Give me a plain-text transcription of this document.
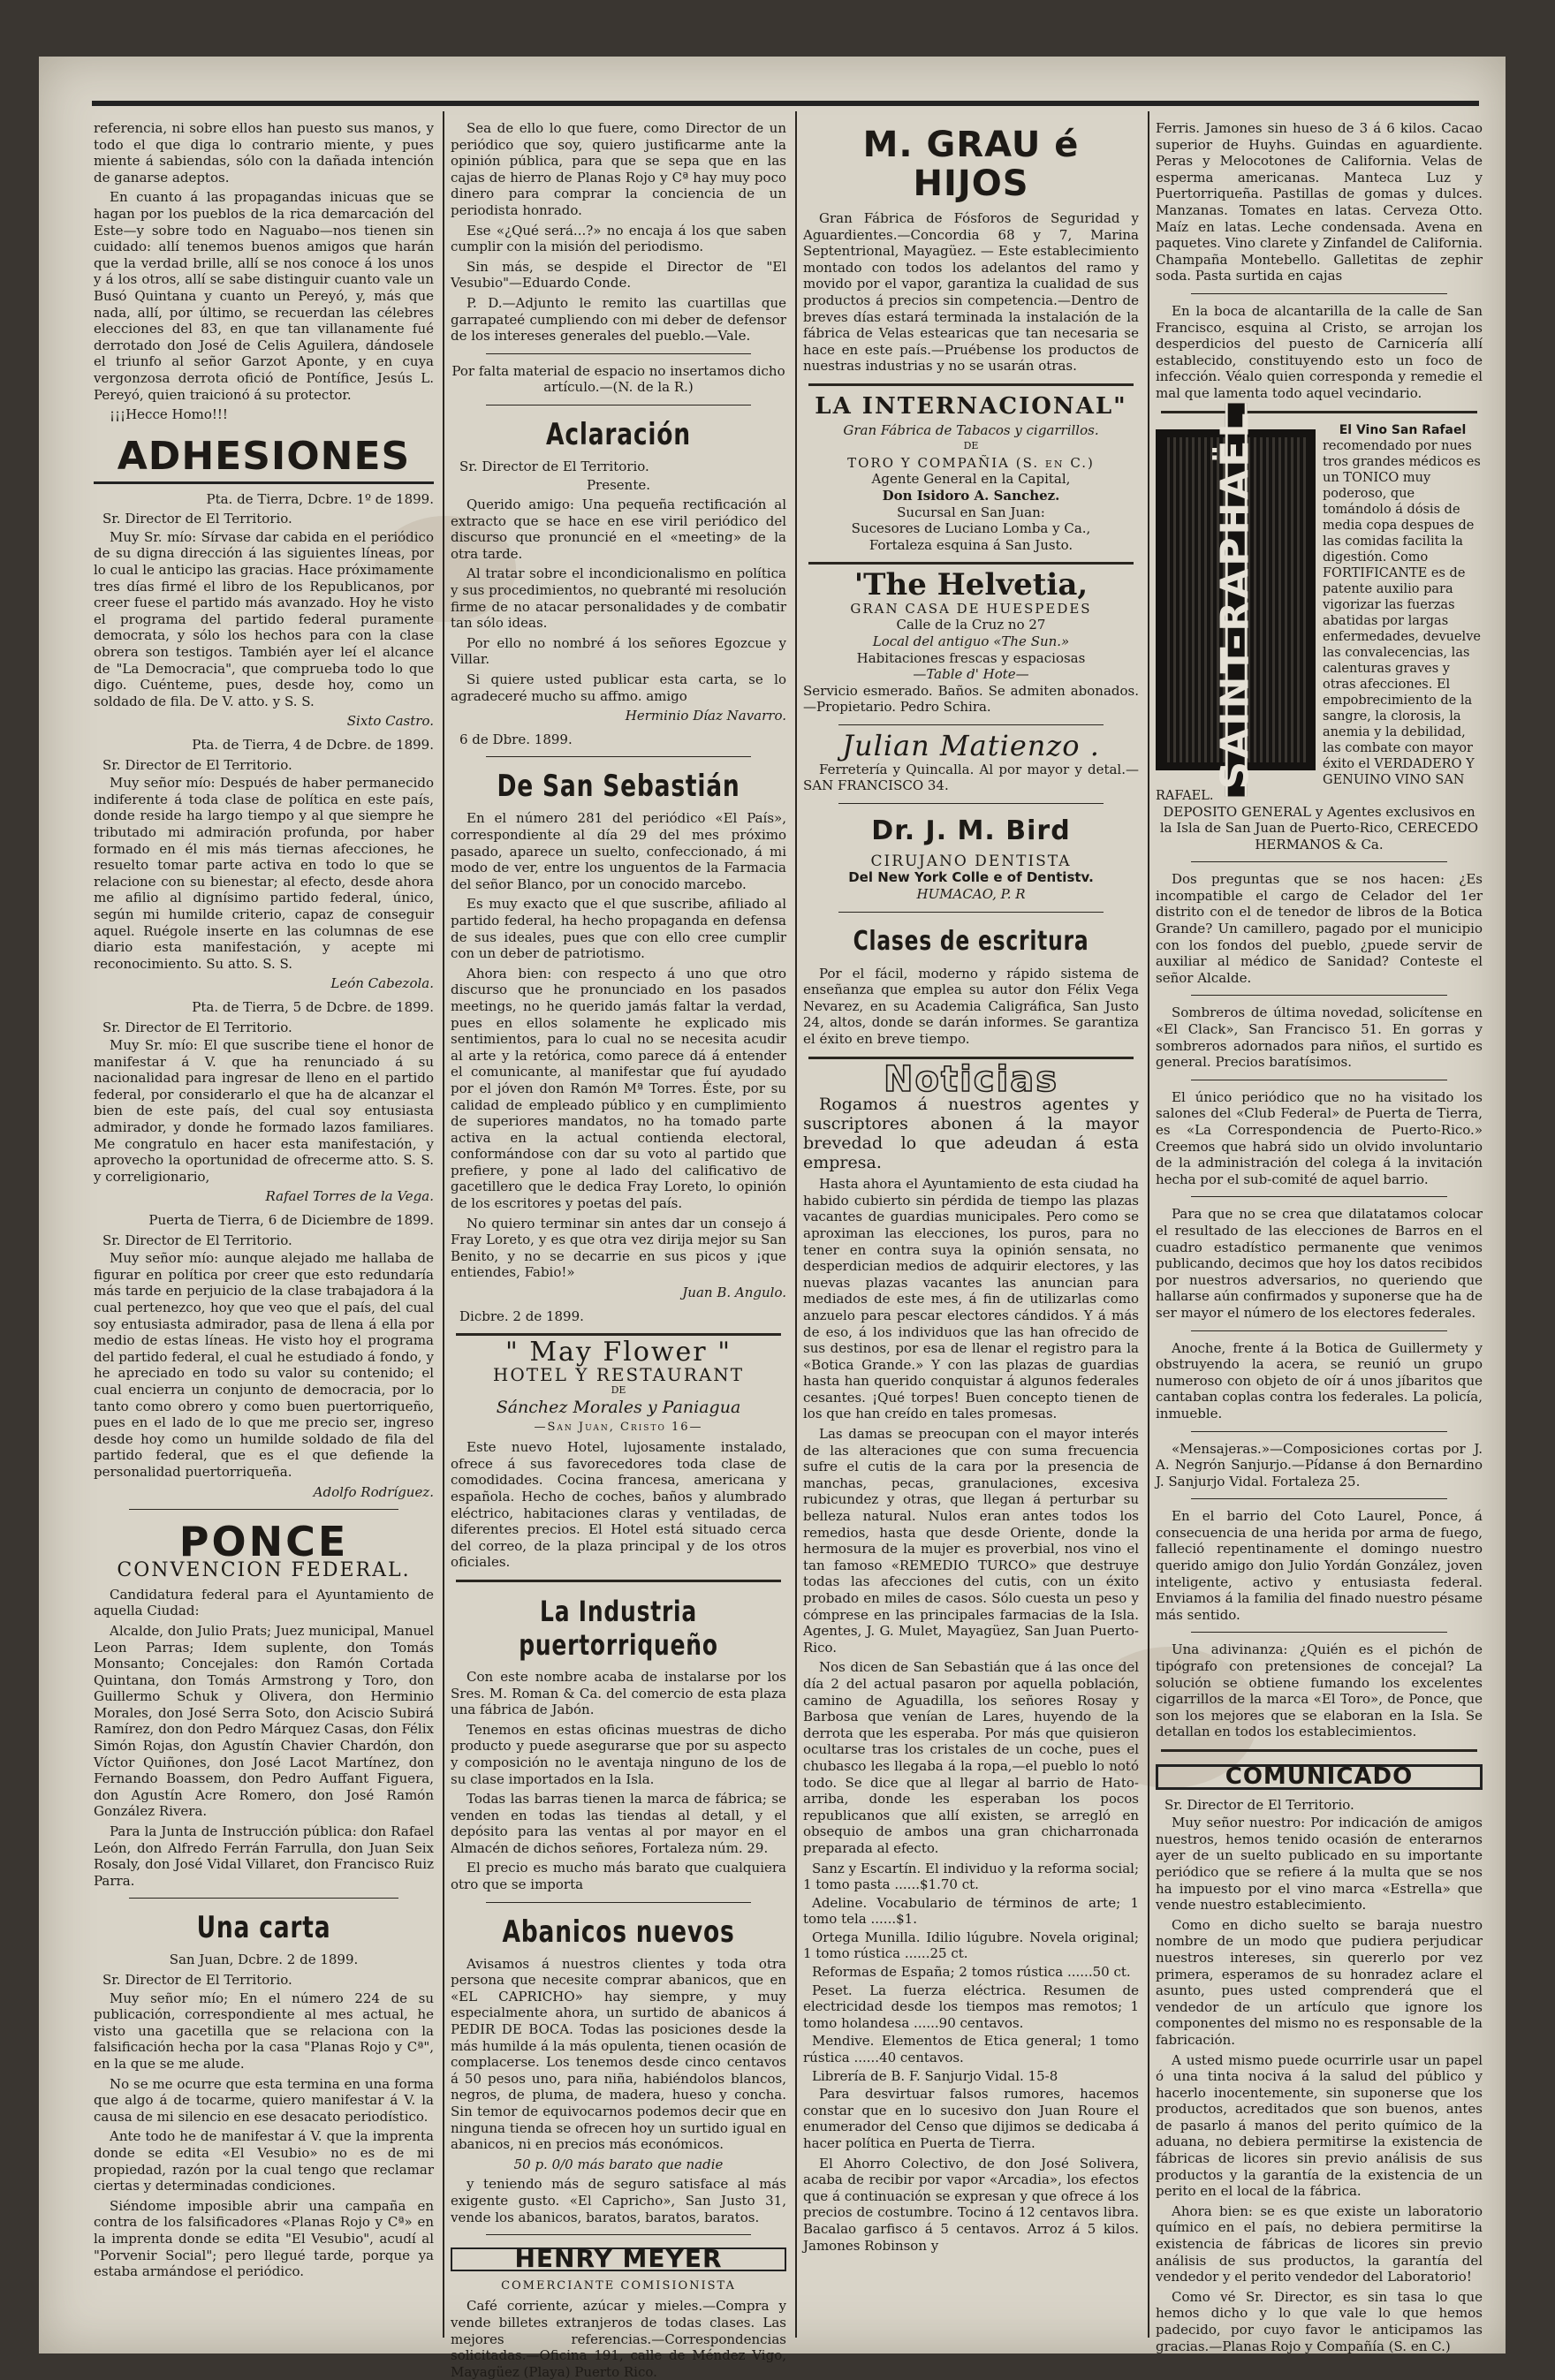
referencia, ni sobre ellos han puesto sus manos, y todo el que diga lo contrario miente, y pues miente á sabiendas, sólo con la dañada intención de ganarse adeptos.

En cuanto á las propagandas inicuas que se hagan por los pueblos de la rica demarcación del Este—y sobre todo en Naguabo—nos tienen sin cuidado: allí tenemos buenos amigos que harán que la verdad brille, allí se nos conoce á los unos y á los otros, allí se sabe distinguir cuanto vale un Busó Quintana y cuanto un Pereyó, y, más que nada, allí, por último, se recuerdan las célebres elecciones del 83, en que tan villanamente fué derrotado don José de Celis Aguilera, dándosele el triunfo al señor Garzot Aponte, y en cuya vergonzosa derrota ofició de Pontífice, Jesús L. Pereyó, quien traicionó á su protector.

¡¡¡Hecce Homo!!!

ADHESIONES

Pta. de Tierra, Dcbre. 1º de 1899.

Sr. Director de El Territorio.

Muy Sr. mío: Sírvase dar cabida en el periódico de su digna dirección á las siguientes líneas, por lo cual le anticipo las gracias. Hace próximamente tres días firmé el libro de los Republicanos, por creer fuese el partido más avanzado. Hoy he visto el programa del partido federal puramente democrata, y sólo los hechos para con la clase obrera son testigos. También ayer leí el alcance de "La Democracia", que comprueba todo lo que digo. Cuénteme, pues, desde hoy, como un soldado de fila. De V. atto. y S. S.

Sixto Castro.

Pta. de Tierra, 4 de Dcbre. de 1899.

Sr. Director de El Territorio.

Muy señor mío: Después de haber permanecido indiferente á toda clase de política en este país, donde reside ha largo tiempo y al que siempre he tributado mi admiración profunda, por haber formado en él mis más tiernas afecciones, he resuelto tomar parte activa en todo lo que se relacione con su bienestar; al efecto, desde ahora me afilio al dignísimo partido federal, único, según mi humilde criterio, capaz de conseguir aquel. Ruégole inserte en las columnas de ese diario esta manifestación, y acepte mi reconocimiento. Su atto. S. S.

León Cabezola.

Pta. de Tierra, 5 de Dcbre. de 1899.

Sr. Director de El Territorio.

Muy Sr. mío: El que suscribe tiene el honor de manifestar á V. que ha renunciado á su nacionalidad para ingresar de lleno en el partido federal, por considerarlo el que ha de alcanzar el bien de este país, del cual soy entusiasta admirador, y donde he formado lazos familiares. Me congratulo en hacer esta manifestación, y aprovecho la oportunidad de ofrecerme atto. S. S. y correligionario,

Rafael Torres de la Vega.

Puerta de Tierra, 6 de Diciembre de 1899.

Sr. Director de El Territorio.

Muy señor mío: aunque alejado me hallaba de figurar en política por creer que esto redundaría más tarde en perjuicio de la clase trabajadora á la cual pertenezco, hoy que veo que el país, del cual soy entusiasta admirador, pasa de llena á ella por medio de estas líneas. He visto hoy el programa del partido federal, el cual he estudiado á fondo, y he apreciado en todo su valor su contenido; el cual encierra un conjunto de democracia, por lo tanto como obrero y como buen puertorriqueño, pues en el lado de lo que me precio ser, ingreso desde hoy como un humilde soldado de fila del partido federal, que es el que defiende la personalidad puertorriqueña.

Adolfo Rodríguez.

PONCE
CONVENCION FEDERAL.

Candidatura federal para el Ayuntamiento de aquella Ciudad:

Alcalde, don Julio Prats; Juez municipal, Manuel Leon Parras; Idem suplente, don Tomás Monsanto; Concejales: don Ramón Cortada Quintana, don Tomás Armstrong y Toro, don Guillermo Schuk y Olivera, don Herminio Morales, don José Serra Soto, don Aciscio Subirá Ramírez, don don Pedro Márquez Casas, don Félix Simón Rojas, don Agustín Chavier Chardón, don Víctor Quiñones, don José Lacot Martínez, don Fernando Boassem, don Pedro Auffant Figuera, don Agustín Acre Romero, don José Ramón González Rivera.

Para la Junta de Instrucción pública: don Rafael León, don Alfredo Ferrán Farrulla, don Juan Seix Rosaly, don José Vidal Villaret, don Francisco Ruiz Parra.

Una carta

San Juan, Dcbre. 2 de 1899.

Sr. Director de El Territorio.

Muy señor mío; En el número 224 de su publicación, correspondiente al mes actual, he visto una gacetilla que se relaciona con la falsificación hecha por la casa "Planas Rojo y Cª", en la que se me alude.

No se me ocurre que esta termina en una forma que algo á de tocarme, quiero manifestar á V. la causa de mi silencio en ese desacato periodístico.

Ante todo he de manifestar á V. que la imprenta donde se edita «El Vesubio» no es de mi propiedad, razón por la cual tengo que reclamar ciertas y determinadas condiciones.

Siéndome imposible abrir una campaña en contra de los falsificadores «Planas Rojo y Cª» en la imprenta donde se edita "El Vesubio", acudí al "Porvenir Social"; pero llegué tarde, porque ya estaba armándose el periódico.

Sea de ello lo que fuere, como Director de un periódico que soy, quiero justificarme ante la opinión pública, para que se sepa que en las cajas de hierro de Planas Rojo y Cª hay muy poco dinero para comprar la conciencia de un periodista honrado.

Ese «¿Qué será...?» no encaja á los que saben cumplir con la misión del periodismo.

Sin más, se despide el Director de "El Vesubio"—Eduardo Conde.

P. D.—Adjunto le remito las cuartillas que garrapateé cumpliendo con mi deber de defensor de los intereses generales del pueblo.—Vale.

Por falta material de espacio no insertamos dicho artículo.—(N. de la R.)

Aclaración

Sr. Director de El Territorio.

Presente.

Querido amigo: Una pequeña rectificación al extracto que se hace en ese viril periódico del discurso que pronuncié en el «meeting» de la otra tarde.

Al tratar sobre el incondicionalismo en política y sus procedimientos, no quebranté mi resolución firme de no atacar personalidades y de combatir tan sólo ideas.

Por ello no nombré á los señores Egozcue y Villar.

Si quiere usted publicar esta carta, se lo agradeceré mucho su affmo. amigo

Herminio Díaz Navarro.

6 de Dbre. 1899.

De San Sebastián

En el número 281 del periódico «El País», correspondiente al día 29 del mes próximo pasado, aparece un suelto, confeccionado, á mi modo de ver, entre los unguentos de la Farmacia del señor Blanco, por un conocido marcebo.

Es muy exacto que el que suscribe, afiliado al partido federal, ha hecho propaganda en defensa de sus ideales, pues que con ello cree cumplir con un deber de patriotismo.

Ahora bien: con respecto á uno que otro discurso que he pronunciado en los pasados meetings, no he querido jamás faltar la verdad, pues en ellos solamente he explicado mis sentimientos, para lo cual no se necesita acudir al arte y la retórica, como parece dá á entender el comunicante, al manifestar que fuí ayudado por el jóven don Ramón Mª Torres. Éste, por su calidad de empleado público y en cumplimiento de superiores mandatos, no ha tomado parte activa en la actual contienda electoral, conformándose con dar su voto al partido que prefiere, y pone al lado del calificativo de gacetillero que le dedica Fray Loreto, lo opinión de los escritores y poetas del país.

No quiero terminar sin antes dar un consejo á Fray Loreto, y es que otra vez dirija mejor su San Benito, y no se decarrie en sus picos y ¡que entiendes, Fabio!»

Juan B. Angulo.

Dicbre. 2 de 1899.

" May Flower "
HOTEL Y RESTAURANT
DE
Sánchez Morales y Paniagua
—San Juan, Cristo 16—

Este nuevo Hotel, lujosamente instalado, ofrece á sus favorecedores toda clase de comodidades. Cocina francesa, americana y española. Hecho de coches, baños y alumbrado eléctrico, habitaciones claras y ventiladas, de diferentes precios. El Hotel está situado cerca del correo, de la plaza principal y de los otros oficiales.

La Industria puertorriqueño

Con este nombre acaba de instalarse por los Sres. M. Roman & Ca. del comercio de esta plaza una fábrica de Jabón.

Tenemos en estas oficinas muestras de dicho producto y puede asegurarse que por su aspecto y composición no le aventaja ninguno de los de su clase importados en la Isla.

Todas las barras tienen la marca de fábrica; se venden en todas las tiendas al detall, y el depósito para las ventas al por mayor en el Almacén de dichos señores, Fortaleza núm. 29.

El precio es mucho más barato que cualquiera otro que se importa

Abanicos nuevos

Avisamos á nuestros clientes y toda otra persona que necesite comprar abanicos, que en «EL CAPRICHO» hay siempre, y muy especialmente ahora, un surtido de abanicos á PEDIR DE BOCA. Todas las posiciones desde la más humilde á la más opulenta, tienen ocasión de complacerse. Los tenemos desde cinco centavos á 50 pesos uno, para niña, habiéndolos blancos, negros, de pluma, de madera, hueso y concha. Sin temor de equivocarnos podemos decir que en ninguna tienda se ofrecen hoy un surtido igual en abanicos, ni en precios más económicos.

50 p. 0/0 más barato que nadie

y teniendo más de seguro satisface al más exigente gusto. «El Capricho», San Justo 31, vende los abanicos, baratos, baratos, baratos.

HENRY MEYER

COMERCIANTE COMISIONISTA

Café corriente, azúcar y mieles.—Compra y vende billetes extranjeros de todas clases. Las mejores referencias.—Correspondencias solicitadas.—Oficina 191, calle de Méndez Vigo, Mayagüez (Playa) Puerto Rico.

M. GRAU é HIJOS

Gran Fábrica de Fósforos de Seguridad y Aguardientes.—Concordia 68 y 7, Marina Septentrional, Mayagüez. — Este establecimiento montado con todos los adelantos del ramo y movido por el vapor, garantiza la cualidad de sus productos á precios sin competencia.—Dentro de breves días estará terminada la instalación de la fábrica de Velas estearicas que tan necesaria se hace en este país.—Pruébense los productos de nuestras industrias y no se usarán otras.

LA INTERNACIONAL"
Gran Fábrica de Tabacos y cigarrillos.
DE
TORO Y COMPAÑIA (S. en C.)
Agente General en la Capital,
Don Isidoro A. Sanchez.
Sucursal en San Juan:
Sucesores de Luciano Lomba y Ca.,
Fortaleza esquina á San Justo.
'The Helvetia,
GRAN CASA DE HUESPEDES
Calle de la Cruz no 27
Local del antiguo «The Sun.»
Habitaciones frescas y espaciosas
—Table d' Hote—
Servicio esmerado. Baños. Se admiten abonados.—Propietario. Pedro Schira.
Julian Matienzo .

Ferretería y Quincalla. Al por mayor y detal.—SAN FRANCISCO 34.

Dr. J. M. Bird
CIRUJANO DENTISTA
Del New York Colle e of Dentistv.
HUMACAO, P. R
Clases de escritura

Por el fácil, moderno y rápido sistema de enseñanza que emplea su autor don Félix Vega Nevarez, en su Academia Caligráfica, San Justo 24, altos, donde se darán informes. Se garantiza el éxito en breve tiempo.

Noticias

Rogamos á nuestros agentes y suscriptores abonen á la mayor brevedad lo que adeudan á esta empresa.

Hasta ahora el Ayuntamiento de esta ciudad ha habido cubierto sin pérdida de tiempo las plazas vacantes de guardias municipales. Pero como se aproximan las elecciones, los puros, para no tener en contra suya la opinión sensata, no desperdician medios de adquirir electores, y las nuevas plazas vacantes las anuncian para mediados de este mes, á fin de utilizarlas como anzuelo para pescar electores cándidos. Y á más de eso, á los individuos que las han ofrecido de sus destinos, por esa de llenar el registro para la «Botica Grande.» Y con las plazas de guardias hasta han querido conquistar á algunos federales cesantes. ¡Qué torpes! Buen concepto tienen de los que han creído en tales promesas.

Las damas se preocupan con el mayor interés de las alteraciones que con suma frecuencia sufre el cutis de la cara por la presencia de manchas, pecas, granulaciones, excesiva rubicundez y otras, que llegan á perturbar su belleza natural. Nulos eran antes todos los remedios, hasta que desde Oriente, donde la hermosura de la mujer es proverbial, nos vino el tan famoso «REMEDIO TURCO» que destruye todas las afecciones del cutis, con un éxito probado en miles de casos. Sólo cuesta un peso y cómprese en las principales farmacias de la Isla. Agentes, J. G. Mulet, Mayagüez, San Juan Puerto-Rico.

Nos dicen de San Sebastián que á las once del día 2 del actual pasaron por aquella población, camino de Aguadilla, los señores Rosay y Barbosa que venían de Lares, huyendo de la derrota que les esperaba. Por más que quisieron ocultarse tras los cristales de un coche, pues el chubasco les llegaba á la ropa,—el pueblo lo notó todo. Se dice que al llegar al barrio de Hato-arriba, donde les esperaban los pocos republicanos que allí existen, se arregló en obsequio de ambos una gran chicharronada preparada al efecto.

Sanz y Escartín. El individuo y la reforma social; 1 tomo pasta ......$1.70 ct.

Adeline. Vocabulario de términos de arte; 1 tomo tela ......$1.

Ortega Munilla. Idilio lúgubre. Novela original; 1 tomo rústica ......25 ct.

Reformas de España; 2 tomos rústica ......50 ct.

Peset. La fuerza eléctrica. Resumen de electricidad desde los tiempos mas remotos; 1 tomo holandesa ......90 centavos.

Mendive. Elementos de Etica general; 1 tomo rústica ......40 centavos.

Librería de B. F. Sanjurjo Vidal. 15-8

Para desvirtuar falsos rumores, hacemos constar que en lo sucesivo don Juan Roure el enumerador del Censo que dijimos se dedicaba á hacer política en Puerta de Tierra.

El Ahorro Colectivo, de don José Solivera, acaba de recibir por vapor «Arcadia», los efectos que á continuación se expresan y que ofrece á los precios de costumbre. Tocino á 12 centavos libra. Bacalao garfisco á 5 centavos. Arroz á 5 kilos. Jamones Robinson y

Ferris. Jamones sin hueso de 3 á 6 kilos. Cacao superior de Huyhs. Guindas en aguardiente. Peras y Melocotones de California. Velas de esperma americanas. Manteca Luz y Puertorriqueña. Pastillas de gomas y dulces. Manzanas. Tomates en latas. Cerveza Otto. Maíz en latas. Leche condensada. Avena en paquetes. Vino clarete y Zinfandel de California. Champaña Montebello. Galletitas de zephir soda. Pasta surtida en cajas

En la boca de alcantarilla de la calle de San Francisco, esquina al Cristo, se arrojan los desperdicios del puesto de Carnicería allí establecido, constituyendo esto un foco de infección. Véalo quien corresponda y remedie el mal que lamenta todo aquel vecindario.

SAINT-RAPHAËL	El Vino San Rafael
recomendado por nues tros grandes médicos es un TONICO muy poderoso, que tomándolo á dósis de media copa despues de las comidas facilita la digestión. Como FORTIFICANTE es de patente auxilio para vigorizar las fuerzas abatidas por largas enfermedades, devuelve las convalecencias, las calenturas graves y otras afecciones. El empobrecimiento de la sangre, la clorosis, la anemia y la debilidad, las combate con mayor éxito el VERDADERO Y GENUINO VINO SAN RAFAEL.

DEPOSITO GENERAL y Agentes exclusivos en la Isla de San Juan de Puerto-Rico, CERECEDO HERMANOS & Ca.

Dos preguntas que se nos hacen: ¿Es incompatible el cargo de Celador del 1er distrito con el de tenedor de libros de la Botica Grande? Un camillero, pagado por el municipio con los fondos del pueblo, ¿puede servir de auxiliar al médico de Sanidad? Conteste el señor Alcalde.

Sombreros de última novedad, solicítense en «El Clack», San Francisco 51. En gorras y sombreros adornados para niños, el surtido es general. Precios baratísimos.

El único periódico que no ha visitado los salones del «Club Federal» de Puerta de Tierra, es «La Correspondencia de Puerto-Rico.» Creemos que habrá sido un olvido involuntario de la administración del colega á la invitación hecha por el sub-comité de aquel barrio.

Para que no se crea que dilatatamos colocar el resultado de las elecciones de Barros en el cuadro estadístico permanente que venimos publicando, decimos que hoy los datos recibidos por nuestros adversarios, no queriendo que hallarse aún confirmados y suponerse que ha de ser mayor el número de los electores federales.

Anoche, frente á la Botica de Guillermety y obstruyendo la acera, se reunió un grupo numeroso con objeto de oír á unos jíbaritos que cantaban coplas contra los federales. La policía, inmueble.

«Mensajeras.»—Composiciones cortas por J. A. Negrón Sanjurjo.—Pídanse á don Bernardino J. Sanjurjo Vidal. Fortaleza 25.

En el barrio del Coto Laurel, Ponce, á consecuencia de una herida por arma de fuego, falleció repentinamente el domingo nuestro querido amigo don Julio Yordán González, joven inteligente, activo y entusiasta federal. Enviamos á la familia del finado nuestro pésame más sentido.

Una adivinanza: ¿Quién es el pichón de tipógrafo con pretensiones de concejal? La solución se obtiene fumando los excelentes cigarrillos de la marca «El Toro», de Ponce, que son los mejores que se elaboran en la Isla. Se detallan en todos los establecimientos.

COMUNICADO

Sr. Director de El Territorio.

Muy señor nuestro: Por indicación de amigos nuestros, hemos tenido ocasión de enterarnos ayer de un suelto publicado en su importante periódico que se refiere á la multa que se nos ha impuesto por el vino marca «Estrella» que vende nuestro establecimiento.

Como en dicho suelto se baraja nuestro nombre de un modo que pudiera perjudicar nuestros intereses, sin quererlo por vez primera, esperamos de su honradez aclare el asunto, pues usted comprenderá que el vendedor de un artículo que ignore los componentes del mismo no es responsable de la fabricación.

A usted mismo puede ocurrirle usar un papel ó una tinta nociva á la salud del público y hacerlo inocentemente, sin suponerse que los productos, acreditados que son buenos, antes de pasarlo á manos del perito químico de la aduana, no debiera permitirse la existencia de fábricas de licores sin previo análisis de sus productos y la garantía de la existencia de un perito en el local de la fábrica.

Ahora bien: se es que existe un laboratorio químico en el país, no debiera permitirse la existencia de fábricas de licores sin previo análisis de sus productos, la garantía del vendedor y el perito vendedor del Laboratorio!

Como vé Sr. Director, es sin tasa lo que hemos dicho y lo que vale lo que hemos padecido, por cuyo favor le anticipamos las gracias.—Planas Rojo y Compañía (S. en C.)
